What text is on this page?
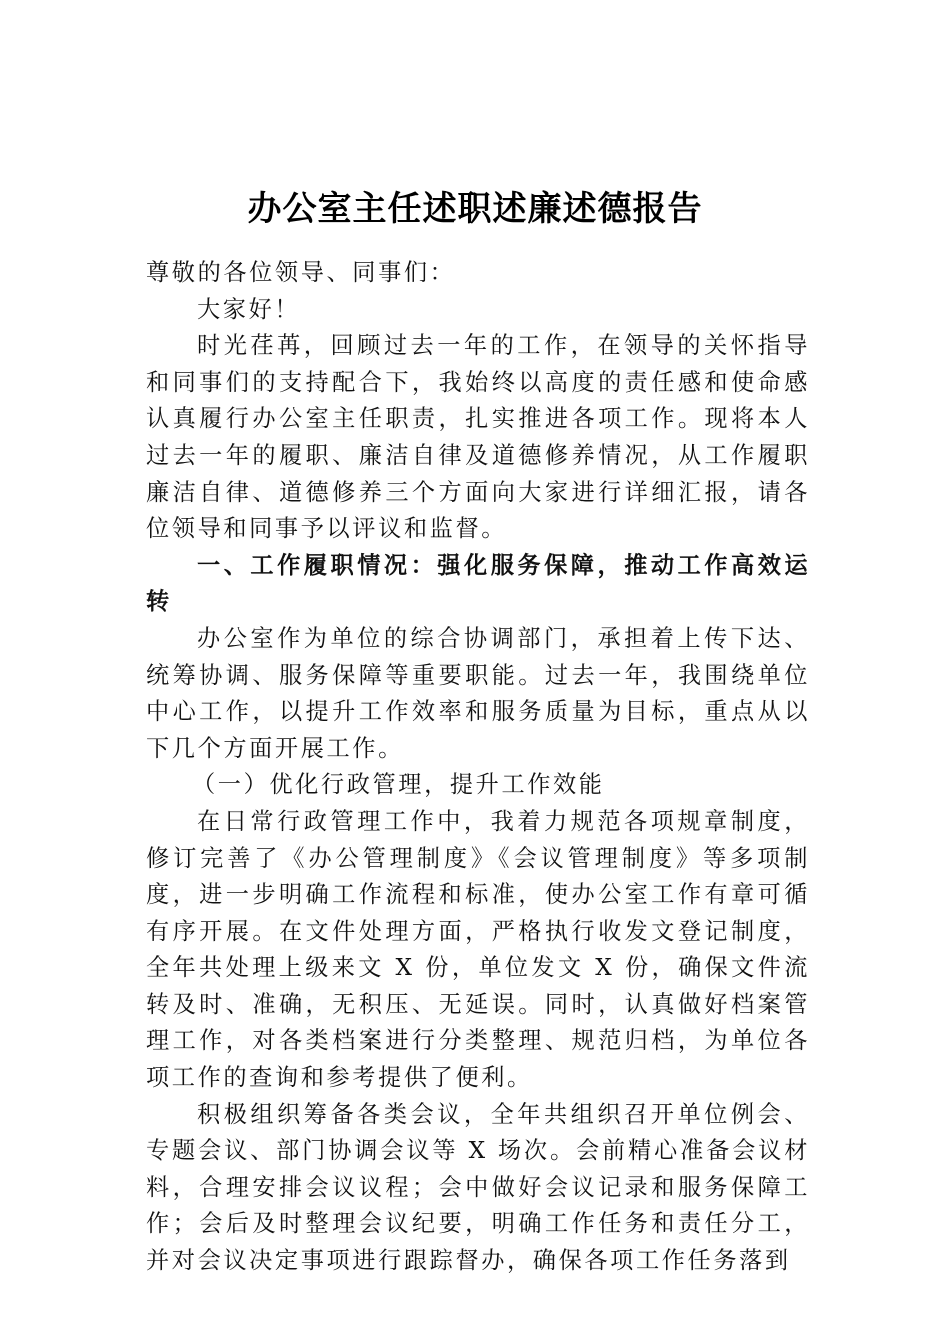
办公室主任述职述廉述德报告

尊敬的各位领导、同事们：

大家好！

时光荏苒，回顾过去一年的工作，在领导的关怀指导和同事们的支持配合下，我始终以高度的责任感和使命感认真履行办公室主任职责，扎实推进各项工作。现将本人过去一年的履职、廉洁自律及道德修养情况，从工作履职廉洁自律、道德修养三个方面向大家进行详细汇报，请各位领导和同事予以评议和监督。

一、工作履职情况：强化服务保障，推动工作高效运转

办公室作为单位的综合协调部门，承担着上传下达、统筹协调、服务保障等重要职能。过去一年，我围绕单位中心工作，以提升工作效率和服务质量为目标，重点从以下几个方面开展工作。

（一）优化行政管理，提升工作效能

在日常行政管理工作中，我着力规范各项规章制度，修订完善了《办公管理制度》《会议管理制度》等多项制度，进一步明确工作流程和标准，使办公室工作有章可循有序开展。在文件处理方面，严格执行收发文登记制度，全年共处理上级来文 X 份，单位发文 X 份，确保文件流转及时、准确，无积压、无延误。同时，认真做好档案管理工作，对各类档案进行分类整理、规范归档，为单位各项工作的查询和参考提供了便利。

积极组织筹备各类会议，全年共组织召开单位例会、专题会议、部门协调会议等 X 场次。会前精心准备会议材料，合理安排会议议程；会中做好会议记录和服务保障工作；会后及时整理会议纪要，明确工作任务和责任分工，并对会议决定事项进行跟踪督办，确保各项工作任务落到
